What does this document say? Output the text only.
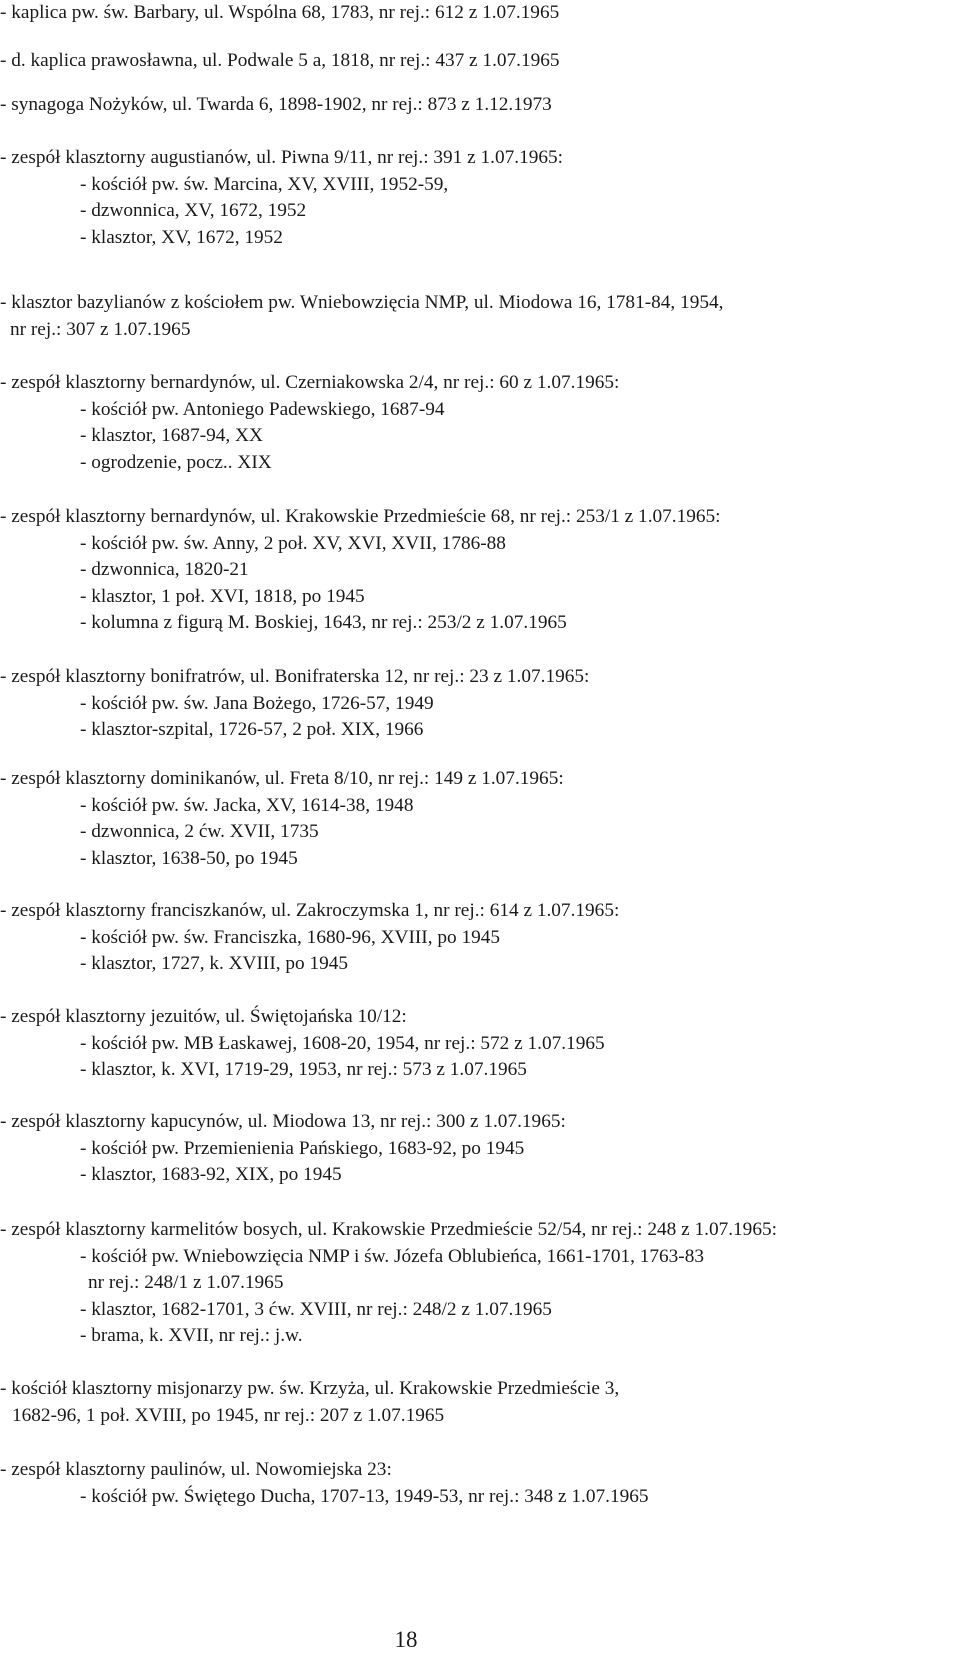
- kaplica pw. św. Barbary, ul. Wspólna 68, 1783, nr rej.: 612 z 1.07.1965
- d. kaplica prawosławna, ul. Podwale 5 a, 1818, nr rej.: 437 z 1.07.1965
- synagoga Nożyków, ul. Twarda 6, 1898-1902, nr rej.: 873 z 1.12.1973
- zespół klasztorny augustianów, ul. Piwna 9/11, nr rej.: 391 z 1.07.1965:
- kościół pw. św. Marcina, XV, XVIII, 1952-59,
- dzwonnica, XV, 1672, 1952
- klasztor, XV, 1672, 1952
- klasztor bazylianów z kościołem pw. Wniebowzięcia NMP, ul. Miodowa 16, 1781-84, 1954,
nr rej.: 307 z 1.07.1965
- zespół klasztorny bernardynów, ul. Czerniakowska 2/4, nr rej.: 60 z 1.07.1965:
- kościół pw. Antoniego Padewskiego, 1687-94
- klasztor, 1687-94, XX
- ogrodzenie, pocz.. XIX
- zespół klasztorny bernardynów, ul. Krakowskie Przedmieście 68, nr rej.: 253/1 z 1.07.1965:
- kościół pw. św. Anny, 2 poł. XV, XVI, XVII, 1786-88
- dzwonnica, 1820-21
- klasztor, 1 poł. XVI, 1818, po 1945
- kolumna z figurą M. Boskiej, 1643, nr rej.: 253/2 z 1.07.1965
- zespół klasztorny bonifratrów, ul. Bonifraterska 12, nr rej.: 23 z 1.07.1965:
- kościół pw. św. Jana Bożego, 1726-57, 1949
- klasztor-szpital, 1726-57, 2 poł. XIX, 1966
- zespół klasztorny dominikanów, ul. Freta 8/10, nr rej.: 149 z 1.07.1965:
- kościół pw. św. Jacka, XV, 1614-38, 1948
- dzwonnica, 2 ćw. XVII, 1735
- klasztor, 1638-50, po 1945
- zespół klasztorny franciszkanów, ul. Zakroczymska 1, nr rej.: 614 z 1.07.1965:
- kościół pw. św. Franciszka, 1680-96, XVIII, po 1945
- klasztor, 1727, k. XVIII, po 1945
- zespół klasztorny jezuitów, ul. Świętojańska 10/12:
- kościół pw. MB Łaskawej, 1608-20, 1954, nr rej.: 572 z 1.07.1965
- klasztor, k. XVI, 1719-29, 1953, nr rej.: 573 z 1.07.1965
- zespół klasztorny kapucynów, ul. Miodowa 13, nr rej.: 300 z 1.07.1965:
- kościół pw. Przemienienia Pańskiego, 1683-92, po 1945
- klasztor, 1683-92, XIX, po 1945
- zespół klasztorny karmelitów bosych, ul. Krakowskie Przedmieście 52/54, nr rej.: 248 z 1.07.1965:
- kościół pw. Wniebowzięcia NMP i św. Józefa Oblubieńca, 1661-1701, 1763-83
nr rej.: 248/1 z 1.07.1965
- klasztor, 1682-1701, 3 ćw. XVIII, nr rej.: 248/2 z 1.07.1965
- brama, k. XVII, nr rej.: j.w.
- kościół klasztorny misjonarzy pw. św. Krzyża, ul. Krakowskie Przedmieście 3,
1682-96, 1 poł. XVIII, po 1945, nr rej.: 207 z 1.07.1965
- zespół klasztorny paulinów, ul. Nowomiejska 23:
- kościół pw. Świętego Ducha, 1707-13, 1949-53, nr rej.: 348 z 1.07.1965
18
